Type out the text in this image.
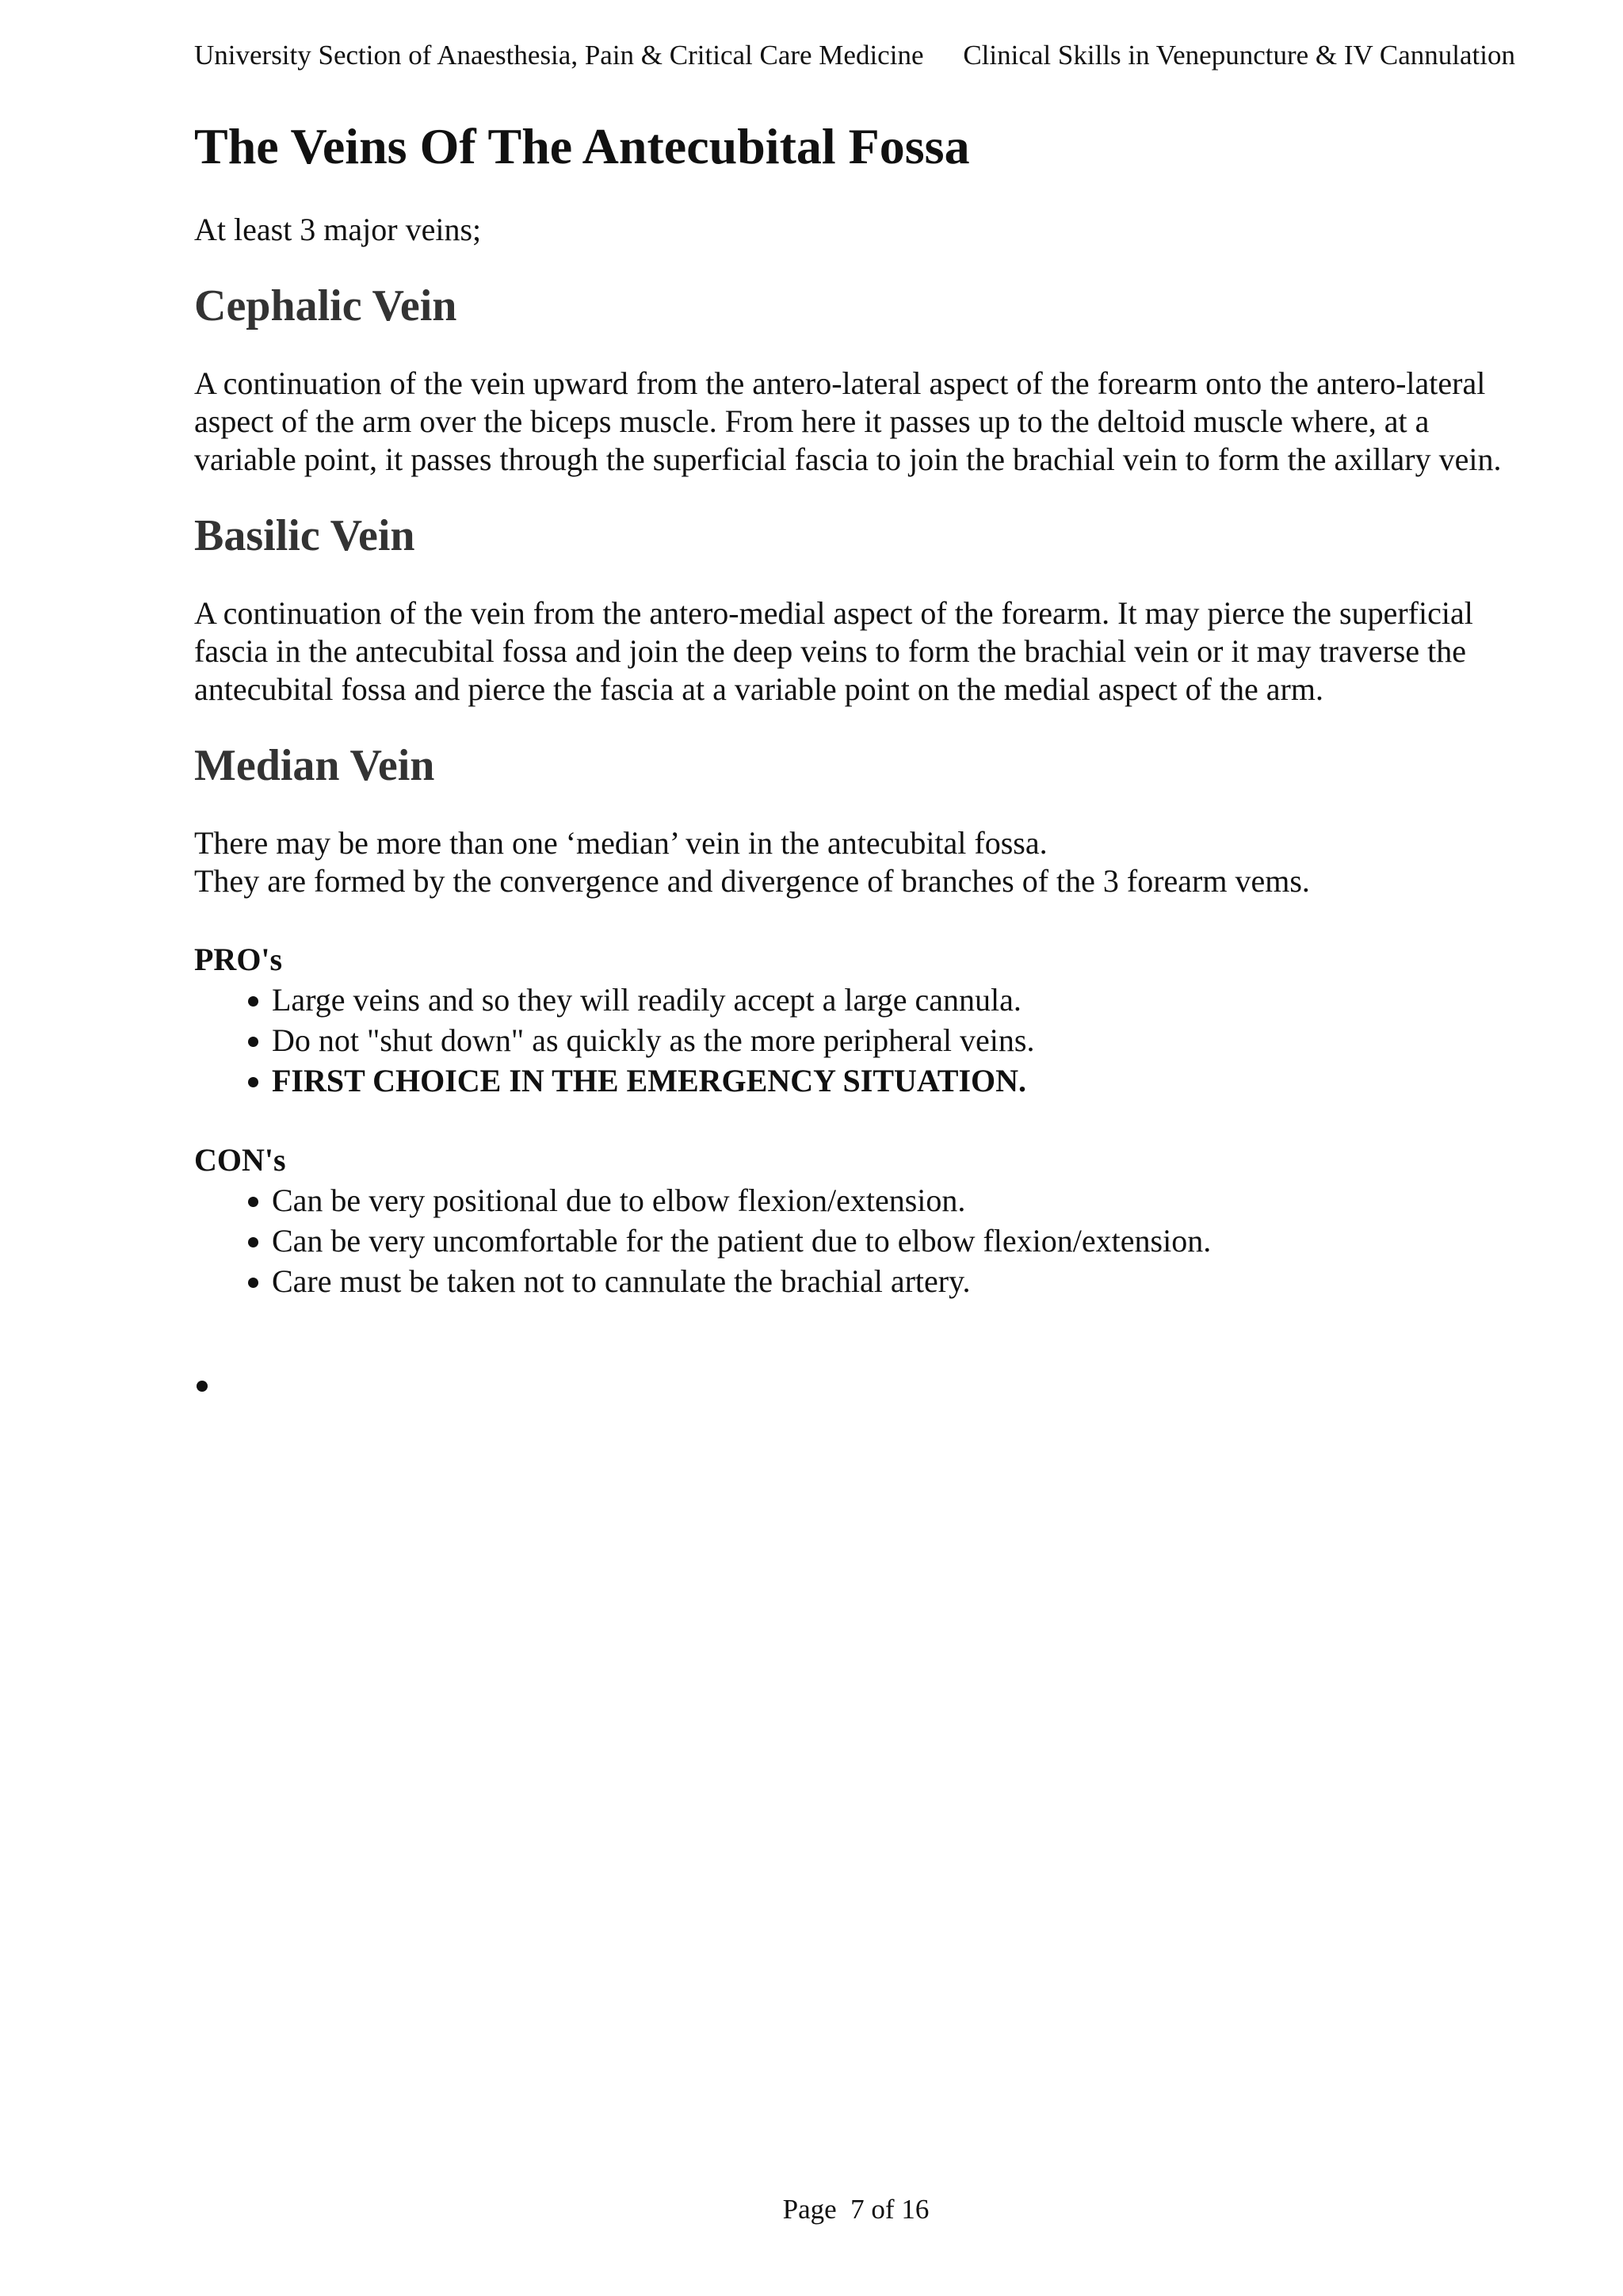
University Section of Anaesthesia, Pain & Critical Care Medicine Clinical Skills in Venepuncture & IV Cannulation
The Veins Of The Antecubital Fossa

At least 3 major veins;

Cephalic Vein

A continuation of the vein upward from the antero-lateral aspect of the forearm onto the antero-lateral aspect of the arm over the biceps muscle. From here it passes up to the deltoid muscle where, at a variable point, it passes through the superficial fascia to join the brachial vein to form the axillary vein.

Basilic Vein

A continuation of the vein from the antero-medial aspect of the forearm. It may pierce the superficial fascia in the antecubital fossa and join the deep veins to form the brachial vein or it may traverse the antecubital fossa and pierce the fascia at a variable point on the medial aspect of the arm.

Median Vein

There may be more than one ‘median’ vein in the antecubital fossa.

They are formed by the convergence and divergence of branches of the 3 forearm vems.

PRO's
Large veins and so they will readily accept a large cannula.
Do not "shut down" as quickly as the more peripheral veins.
FIRST CHOICE IN THE EMERGENCY SITUATION.
CON's
Can be very positional due to elbow flexion/extension.
Can be very uncomfortable for the patient due to elbow flexion/extension.
Care must be taken not to cannulate the brachial artery.
Page  7 of 16
